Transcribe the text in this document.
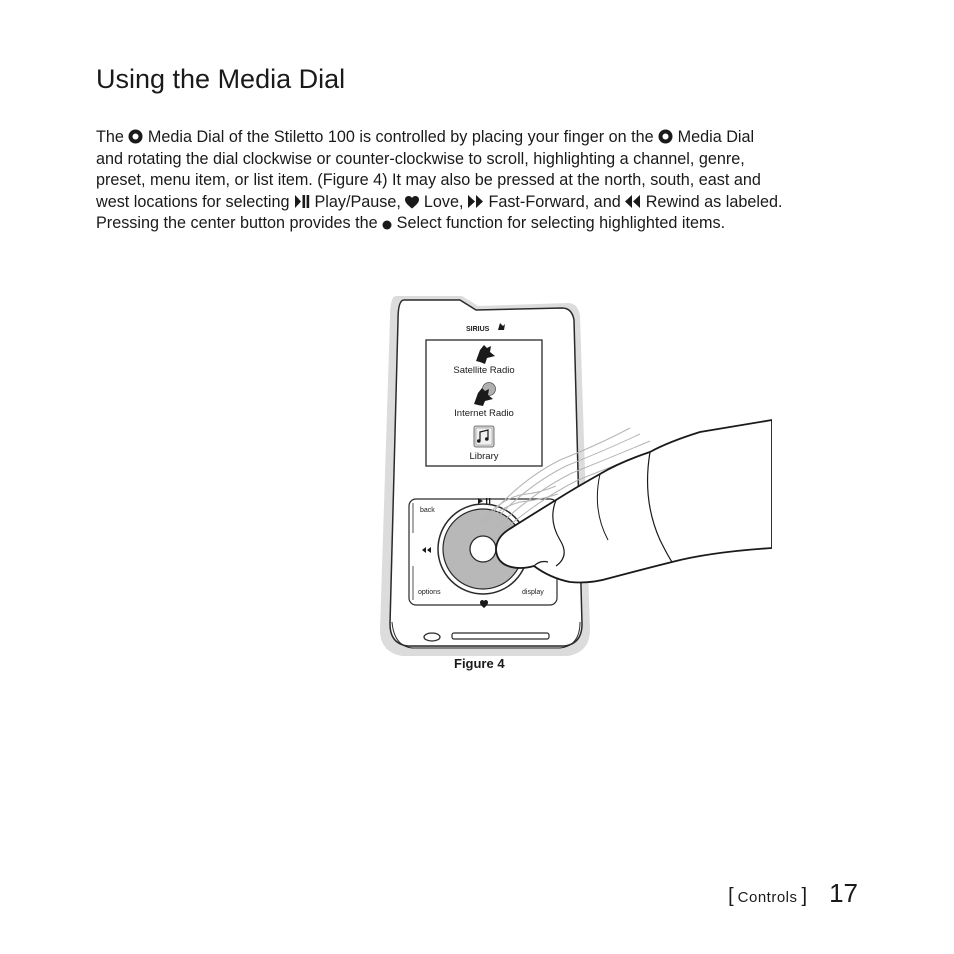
Using the Media Dial
The  Media Dial of the Stiletto 100 is controlled by placing your finger on the  Media Dial
and rotating the dial clockwise or counter-clockwise to scroll, highlighting a channel, genre,
preset, menu item, or list item. (Figure 4) It may also be pressed at the north, south, east and
west locations for selecting  Play/Pause,  Love,  Fast-Forward, and  Rewind as labeled.
Pressing the center button provides the  Select function for selecting highlighted items.
SIRIUS
Satellite Radio
Internet Radio
Library
back
options	display

Figure 4

[ Controls ] 17
